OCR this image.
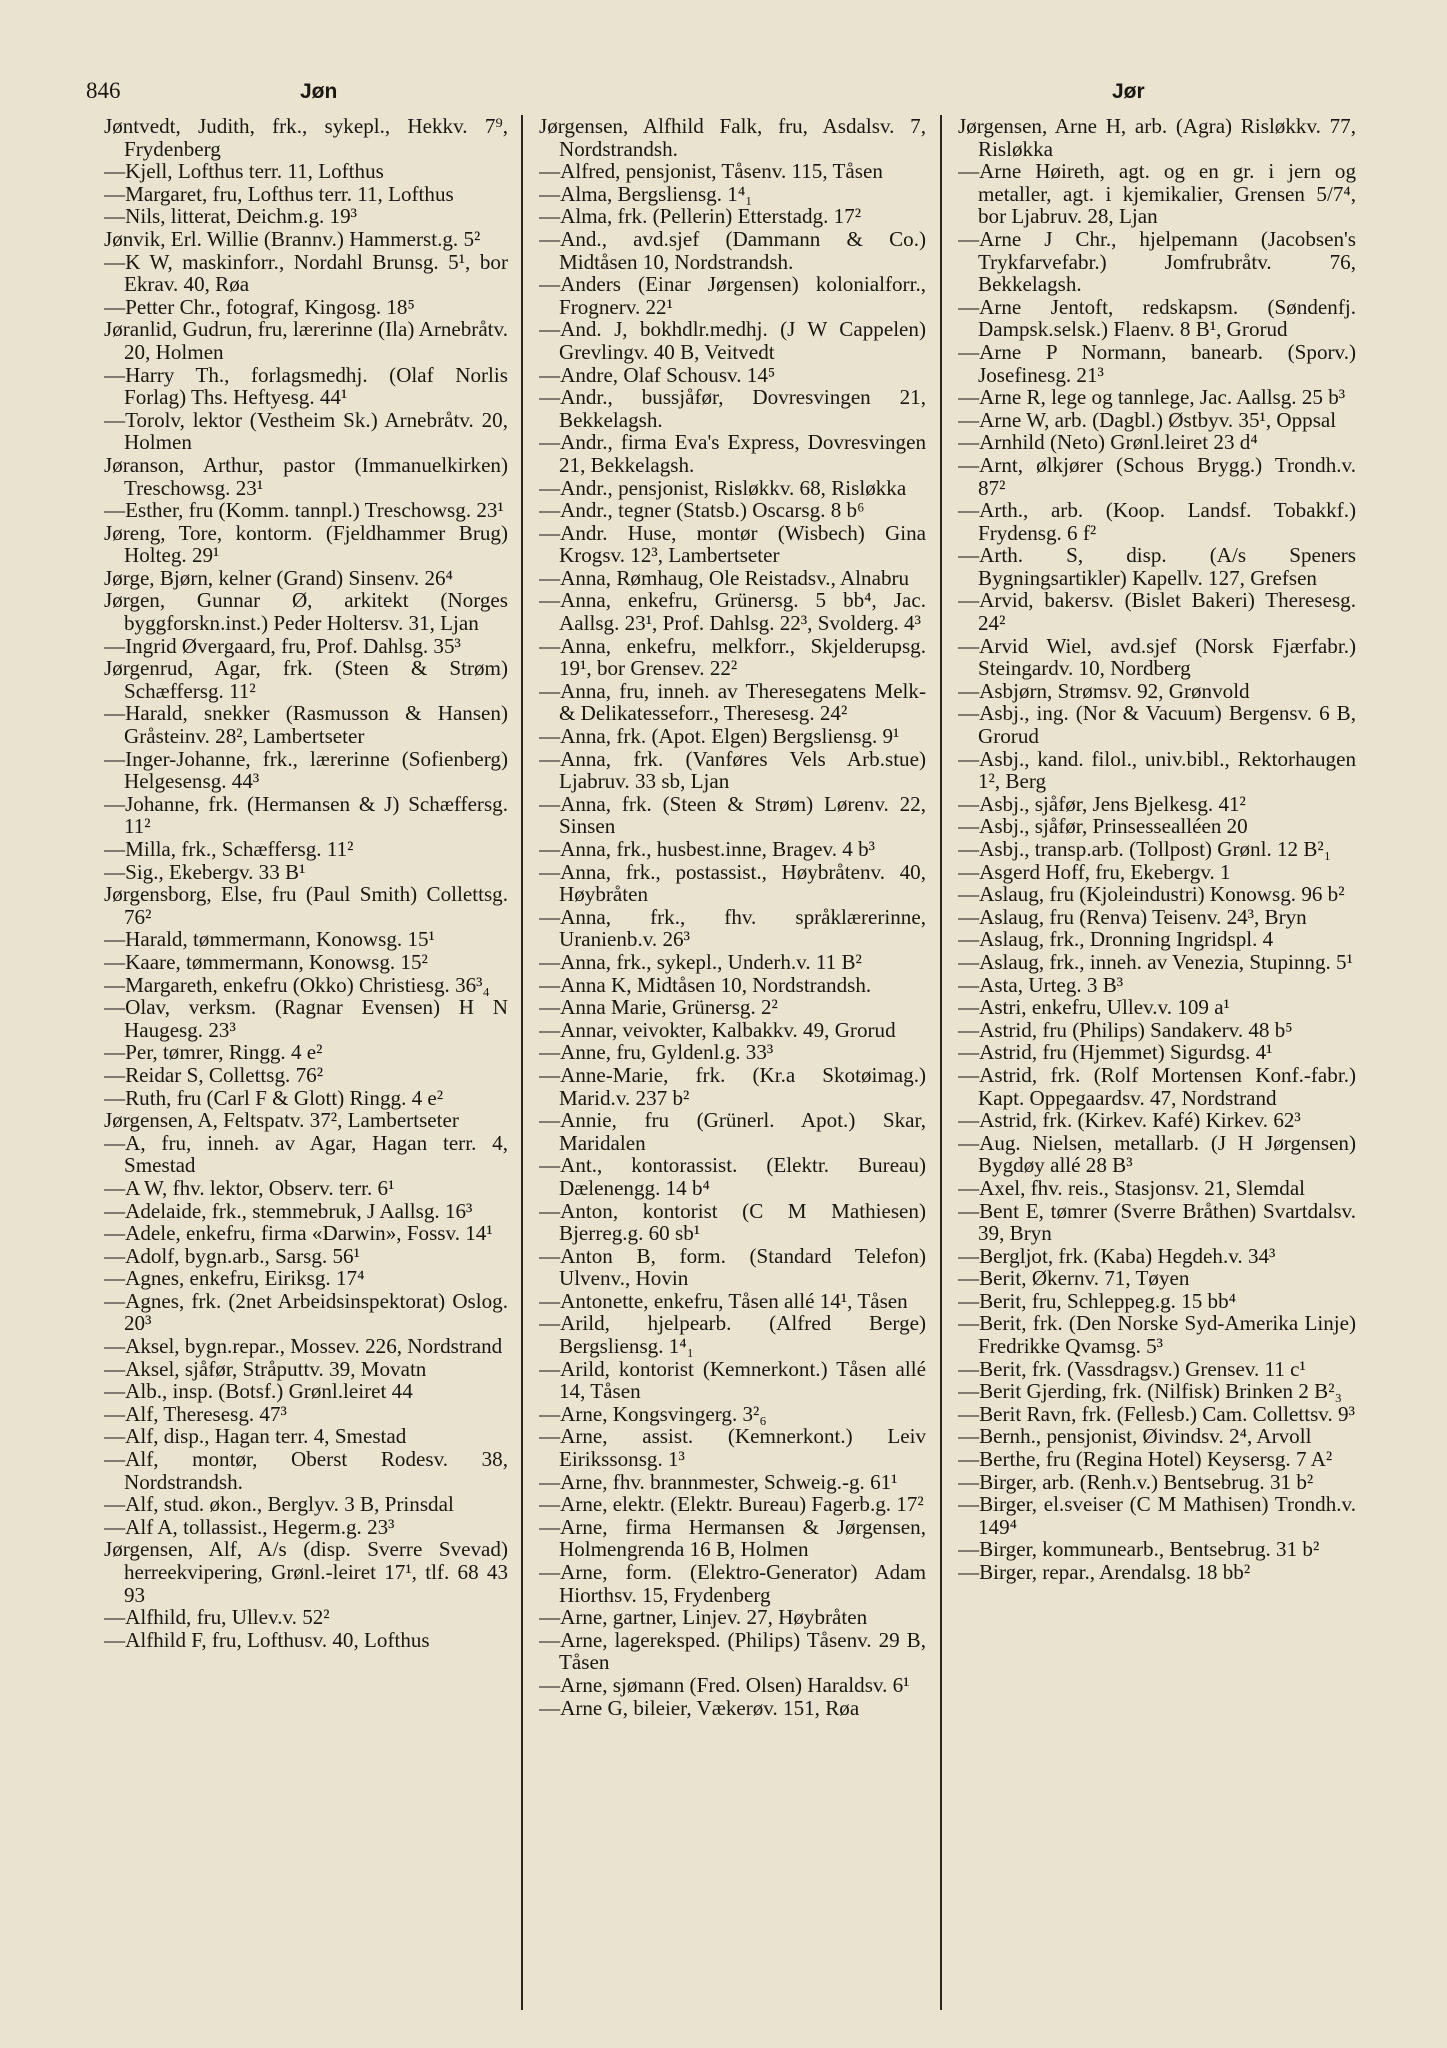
846	Jøn	Jør
Jøntvedt, Judith, frk., sykepl., Hekkv. 7⁹, Frydenberg
—Kjell, Lofthus terr. 11, Lofthus
—Margaret, fru, Lofthus terr. 11, Lofthus
—Nils, litterat, Deichm.g. 19³
Jønvik, Erl. Willie (Brannv.) Hammerst.g. 5²
—K W, maskinforr., Nordahl Brunsg. 5¹, bor Ekrav. 40, Røa
—Petter Chr., fotograf, Kingosg. 18⁵
Jøranlid, Gudrun, fru, lærerinne (Ila) Arnebråtv. 20, Holmen
—Harry Th., forlagsmedhj. (Olaf Norlis Forlag) Ths. Heftyesg. 44¹
—Torolv, lektor (Vestheim Sk.) Arnebråtv. 20, Holmen
Jøranson, Arthur, pastor (Immanuelkirken) Treschowsg. 23¹
—Esther, fru (Komm. tannpl.) Treschowsg. 23¹
Jøreng, Tore, kontorm. (Fjeldhammer Brug) Holteg. 29¹
Jørge, Bjørn, kelner (Grand) Sinsenv. 26⁴
Jørgen, Gunnar Ø, arkitekt (Norges byggforskn.inst.) Peder Holtersv. 31, Ljan
—Ingrid Øvergaard, fru, Prof. Dahlsg. 35³
Jørgenrud, Agar, frk. (Steen & Strøm) Schæffersg. 11²
—Harald, snekker (Rasmusson & Hansen) Gråsteinv. 28², Lambertseter
—Inger-Johanne, frk., lærerinne (Sofienberg) Helgesensg. 44³
—Johanne, frk. (Hermansen & J) Schæffersg. 11²
—Milla, frk., Schæffersg. 11²
—Sig., Ekebergv. 33 B¹
Jørgensborg, Else, fru (Paul Smith) Collettsg. 76²
—Harald, tømmermann, Konowsg. 15¹
—Kaare, tømmermann, Konowsg. 15²
—Margareth, enkefru (Okko) Christiesg. 36³₄
—Olav, verksm. (Ragnar Evensen) H N Haugesg. 23³
—Per, tømrer, Ringg. 4 e²
—Reidar S, Collettsg. 76²
—Ruth, fru (Carl F & Glott) Ringg. 4 e²
Jørgensen, A, Feltspatv. 37², Lambertseter
—A, fru, inneh. av Agar, Hagan terr. 4, Smestad
—A W, fhv. lektor, Observ. terr. 6¹
—Adelaide, frk., stemmebruk, J Aallsg. 16³
—Adele, enkefru, firma «Darwin», Fossv. 14¹
—Adolf, bygn.arb., Sarsg. 56¹
—Agnes, enkefru, Eiriksg. 17⁴
—Agnes, frk. (2net Arbeidsinspektorat) Oslog. 20³
—Aksel, bygn.repar., Mossev. 226, Nordstrand
—Aksel, sjåfør, Stråputtv. 39, Movatn
—Alb., insp. (Botsf.) Grønl.leiret 44
—Alf, Theresesg. 47³
—Alf, disp., Hagan terr. 4, Smestad
—Alf, montør, Oberst Rodesv. 38, Nordstrandsh.
—Alf, stud. økon., Berglyv. 3 B, Prinsdal
—Alf A, tollassist., Hegerm.g. 23³
Jørgensen, Alf, A/s (disp. Sverre Svevad) herreekvipering, Grønl.-leiret 17¹, tlf. 68 43 93
—Alfhild, fru, Ullev.v. 52²
—Alfhild F, fru, Lofthusv. 40, Lofthus
Jørgensen, Alfhild Falk, fru, Asdalsv. 7, Nordstrandsh.
—Alfred, pensjonist, Tåsenv. 115, Tåsen
—Alma, Bergsliensg. 1⁴₁
—Alma, frk. (Pellerin) Etterstadg. 17²
—And., avd.sjef (Dammann & Co.) Midtåsen 10, Nordstrandsh.
—Anders (Einar Jørgensen) kolonialforr., Frognerv. 22¹
—And. J, bokhdlr.medhj. (J W Cappelen) Grevlingv. 40 B, Veitvedt
—Andre, Olaf Schousv. 14⁵
—Andr., bussjåfør, Dovresvingen 21, Bekkelagsh.
—Andr., firma Eva's Express, Dovresvingen 21, Bekkelagsh.
—Andr., pensjonist, Risløkkv. 68, Risløkka
—Andr., tegner (Statsb.) Oscarsg. 8 b⁶
—Andr. Huse, montør (Wisbech) Gina Krogsv. 12³, Lambertseter
—Anna, Rømhaug, Ole Reistadsv., Alnabru
—Anna, enkefru, Grünersg. 5 bb⁴, Jac. Aallsg. 23¹, Prof. Dahlsg. 22³, Svolderg. 4³
—Anna, enkefru, melkforr., Skjelderupsg. 19¹, bor Grensev. 22²
—Anna, fru, inneh. av Theresegatens Melk-& Delikatesseforr., Theresesg. 24²
—Anna, frk. (Apot. Elgen) Bergsliensg. 9¹
—Anna, frk. (Vanføres Vels Arb.stue) Ljabruv. 33 sb, Ljan
—Anna, frk. (Steen & Strøm) Lørenv. 22, Sinsen
—Anna, frk., husbest.inne, Bragev. 4 b³
—Anna, frk., postassist., Høybråtenv. 40, Høybråten
—Anna, frk., fhv. språklærerinne, Uranienb.v. 26³
—Anna, frk., sykepl., Underh.v. 11 B²
—Anna K, Midtåsen 10, Nordstrandsh.
—Anna Marie, Grünersg. 2²
—Annar, veivokter, Kalbakkv. 49, Grorud
—Anne, fru, Gyldenl.g. 33³
—Anne-Marie, frk. (Kr.a Skotøimag.) Marid.v. 237 b²
—Annie, fru (Grünerl. Apot.) Skar, Maridalen
—Ant., kontorassist. (Elektr. Bureau) Dælenengg. 14 b⁴
—Anton, kontorist (C M Mathiesen) Bjerreg.g. 60 sb¹
—Anton B, form. (Standard Telefon) Ulvenv., Hovin
—Antonette, enkefru, Tåsen allé 14¹, Tåsen
—Arild, hjelpearb. (Alfred Berge) Bergsliensg. 1⁴₁
—Arild, kontorist (Kemnerkont.) Tåsen allé 14, Tåsen
—Arne, Kongsvingerg. 3²₆
—Arne, assist. (Kemnerkont.) Leiv Eirikssonsg. 1³
—Arne, fhv. brannmester, Schweig.-g. 61¹
—Arne, elektr. (Elektr. Bureau) Fagerb.g. 17²
—Arne, firma Hermansen & Jørgensen, Holmengrenda 16 B, Holmen
—Arne, form. (Elektro-Generator) Adam Hiorthsv. 15, Frydenberg
—Arne, gartner, Linjev. 27, Høybråten
—Arne, lagereksped. (Philips) Tåsenv. 29 B, Tåsen
—Arne, sjømann (Fred. Olsen) Haraldsv. 6¹
—Arne G, bileier, Vækerøv. 151, Røa
Jørgensen, Arne H, arb. (Agra) Risløkkv. 77, Risløkka
—Arne Høireth, agt. og en gr. i jern og metaller, agt. i kjemikalier, Grensen 5/7⁴, bor Ljabruv. 28, Ljan
—Arne J Chr., hjelpemann (Jacobsen's Trykfarvefabr.) Jomfrubråtv. 76, Bekkelagsh.
—Arne Jentoft, redskapsm. (Søndenfj. Dampsk.selsk.) Flaenv. 8 B¹, Grorud
—Arne P Normann, banearb. (Sporv.) Josefinesg. 21³
—Arne R, lege og tannlege, Jac. Aallsg. 25 b³
—Arne W, arb. (Dagbl.) Østbyv. 35¹, Oppsal
—Arnhild (Neto) Grønl.leiret 23 d⁴
—Arnt, ølkjører (Schous Brygg.) Trondh.v. 87²
—Arth., arb. (Koop. Landsf. Tobakkf.) Frydensg. 6 f²
—Arth. S, disp. (A/s Speners Bygningsartikler) Kapellv. 127, Grefsen
—Arvid, bakersv. (Bislet Bakeri) Theresesg. 24²
—Arvid Wiel, avd.sjef (Norsk Fjærfabr.) Steingardv. 10, Nordberg
—Asbjørn, Strømsv. 92, Grønvold
—Asbj., ing. (Nor & Vacuum) Bergensv. 6 B, Grorud
—Asbj., kand. filol., univ.bibl., Rektorhaugen 1², Berg
—Asbj., sjåfør, Jens Bjelkesg. 41²
—Asbj., sjåfør, Prinsessealléen 20
—Asbj., transp.arb. (Tollpost) Grønl. 12 B²₁
—Asgerd Hoff, fru, Ekebergv. 1
—Aslaug, fru (Kjoleindustri) Konowsg. 96 b²
—Aslaug, fru (Renva) Teisenv. 24³, Bryn
—Aslaug, frk., Dronning Ingridspl. 4
—Aslaug, frk., inneh. av Venezia, Stupinng. 5¹
—Asta, Urteg. 3 B³
—Astri, enkefru, Ullev.v. 109 a¹
—Astrid, fru (Philips) Sandakerv. 48 b⁵
—Astrid, fru (Hjemmet) Sigurdsg. 4¹
—Astrid, frk. (Rolf Mortensen Konf.-fabr.) Kapt. Oppegaardsv. 47, Nordstrand
—Astrid, frk. (Kirkev. Kafé) Kirkev. 62³
—Aug. Nielsen, metallarb. (J H Jørgensen) Bygdøy allé 28 B³
—Axel, fhv. reis., Stasjonsv. 21, Slemdal
—Bent E, tømrer (Sverre Bråthen) Svartdalsv. 39, Bryn
—Bergljot, frk. (Kaba) Hegdeh.v. 34³
—Berit, Økernv. 71, Tøyen
—Berit, fru, Schleppeg.g. 15 bb⁴
—Berit, frk. (Den Norske Syd-Amerika Linje) Fredrikke Qvamsg. 5³
—Berit, frk. (Vassdragsv.) Grensev. 11 c¹
—Berit Gjerding, frk. (Nilfisk) Brinken 2 B²₃
—Berit Ravn, frk. (Fellesb.) Cam. Collettsv. 9³
—Bernh., pensjonist, Øivindsv. 2⁴, Arvoll
—Berthe, fru (Regina Hotel) Keysersg. 7 A²
—Birger, arb. (Renh.v.) Bentsebrug. 31 b²
—Birger, el.sveiser (C M Mathisen) Trondh.v. 149⁴
—Birger, kommunearb., Bentsebrug. 31 b²
—Birger, repar., Arendalsg. 18 bb²
